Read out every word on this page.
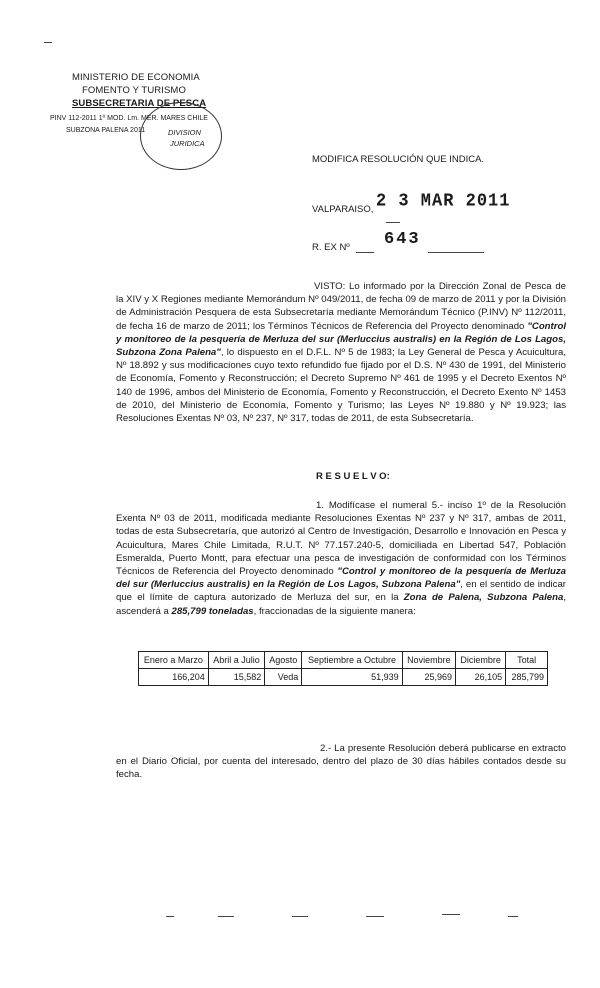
MINISTERIO DE ECONOMIA
FOMENTO Y TURISMO
SUBSECRETARIA DE PESCA
PINV 112-2011 1º MOD. Lm. MER. MARES CHILE
SUBZONA PALENA 2011	DIVISION
JURIDICA
MODIFICA RESOLUCIÓN QUE INDICA.
VALPARAISO, 2 3 MAR 2011
R. EX Nº 643
VISTO: Lo informado por la Dirección Zonal de Pesca de la XIV y X Regiones mediante Memorándum Nº 049/2011, de fecha 09 de marzo de 2011 y por la División de Administración Pesquera de esta Subsecretaría mediante Memorándum Técnico (P.INV) Nº 112/2011, de fecha 16 de marzo de 2011; los Términos Técnicos de Referencia del Proyecto denominado "Control y monitoreo de la pesquería de Merluza del sur (Merluccius australis) en la Región de Los Lagos, Subzona Zona Palena", lo dispuesto en el D.F.L. Nº 5 de 1983; la Ley General de Pesca y Acuicultura, Nº 18.892 y sus modificaciones cuyo texto refundido fue fijado por el D.S. Nº 430 de 1991, del Ministerio de Economía, Fomento y Reconstrucción; el Decreto Supremo Nº 461 de 1995 y el Decreto Exentos Nº 140 de 1996, ambos del Ministerio de Economía, Fomento y Reconstrucción, el Decreto Exento Nº 1453 de 2010, del Ministerio de Economía, Fomento y Turismo; las Leyes Nº 19.880 y Nº 19.923; las Resoluciones Exentas Nº 03, Nº 237, Nº 317, todas de 2011, de esta Subsecretaría.
R E S U E L V O:
1. Modifícase el numeral 5.- inciso 1º de la Resolución Exenta Nº 03 de 2011, modificada mediante Resoluciones Exentas Nº 237 y Nº 317, ambas de 2011, todas de esta Subsecretaría, que autorizó al Centro de Investigación, Desarrollo e Innovación en Pesca y Acuicultura, Mares Chile Limitada, R.U.T. Nº 77.157.240-5, domiciliada en Libertad 547, Población Esmeralda, Puerto Montt, para efectuar una pesca de investigación de conformidad con los Términos Técnicos de Referencia del Proyecto denominado "Control y monitoreo de la pesquería de Merluza del sur (Merluccius australis) en la Región de Los Lagos, Subzona Palena", en el sentido de indicar que el límite de captura autorizado de Merluza del sur, en la Zona de Palena, Subzona Palena, ascenderá a 285,799 toneladas, fraccionadas de la siguiente manera:
Enero a Marzo	Abril a Julio	Agosto	Septiembre a Octubre	Noviembre	Diciembre	Total
166,204	15,582	Veda	51,939	25,969	26,105	285,799
2.- La presente Resolución deberá publicarse en extracto en el Diario Oficial, por cuenta del interesado, dentro del plazo de 30 días hábiles contados desde su fecha.
